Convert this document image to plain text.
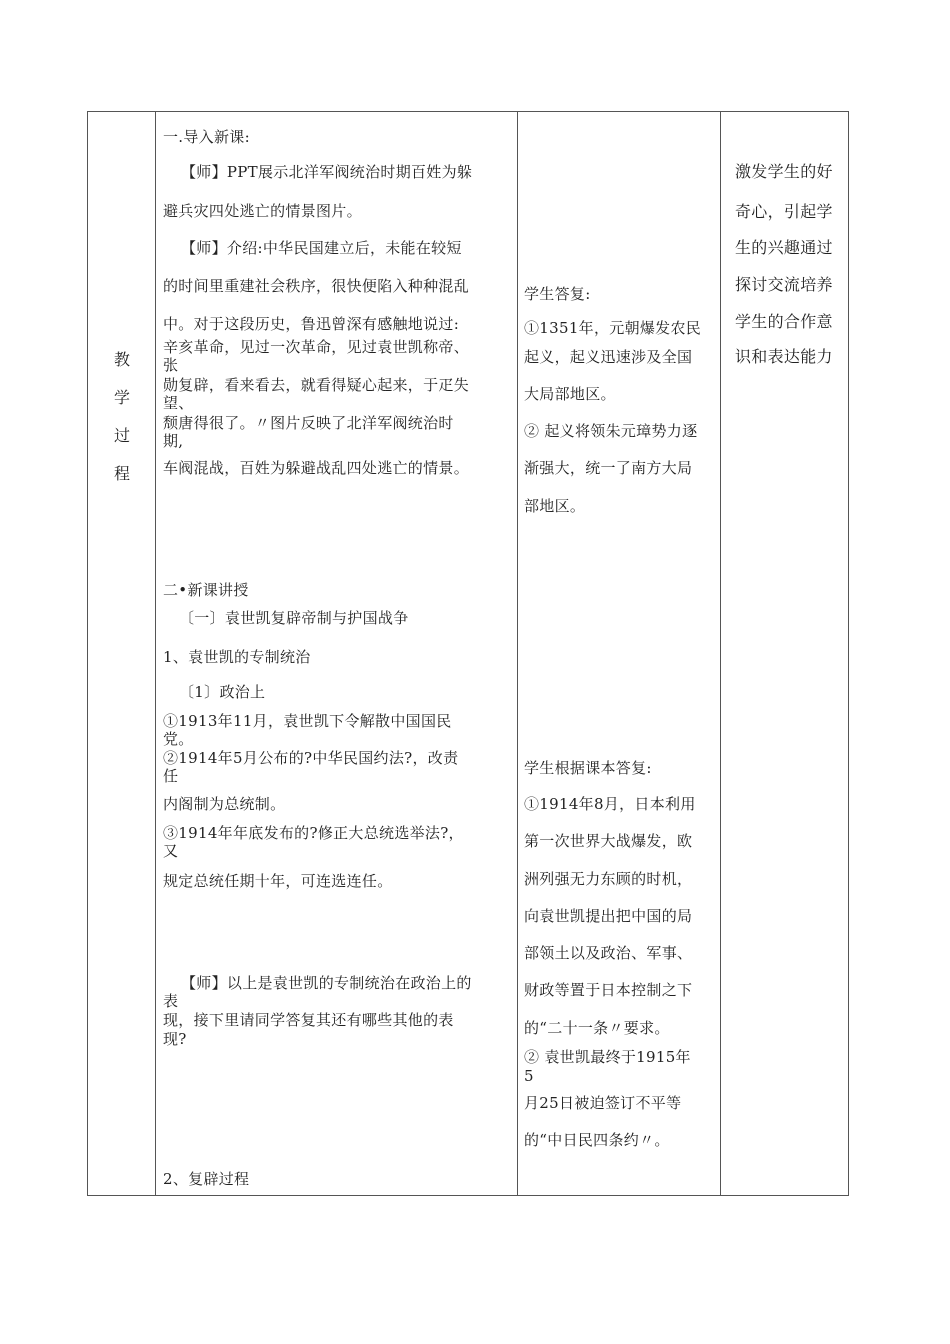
教
学
过
程
一.导入新课:
【师】PPT展示北洋军阀统治时期百姓为躲
避兵灾四处逃亡的情景图片。
【师】介绍:中华民国建立后，未能在较短
的时间里重建社会秩序，很快便陷入种种混乱
中。对于这段历史，鲁迅曾深有感触地说过:
辛亥革命，见过一次革命，见过袁世凯称帝、
张
勋复辟，看来看去，就看得疑心起来，于疋失
望、
颓唐得很了。〃图片反映了北洋军阀统治时
期,
车阀混战，百姓为躲避战乱四处逃亡的情景。
二•新课讲授
〔一〕袁世凯复辟帝制与护国战争
1、袁世凯的专制统治
〔1〕政治上
①1913年11月，袁世凯下令解散中国国民
党。
②1914年5月公布的?中华民国约法?，改责
任
内阁制为总统制。
③1914年年底发布的?修正大总统选举法?，
又
规定总统任期十年，可连选连任。
【师】以上是袁世凯的专制统治在政治上的
表
现，接下里请同学答复其还有哪些其他的表
现?
2、复辟过程
学生答复:
①1351年，元朝爆发农民
起义，起义迅速涉及全国
大局部地区。
② 起义将领朱元璋势力逐
渐强大，统一了南方大局
部地区。
学生根据课本答复:
①1914年8月，日本利用
第一次世界大战爆发，欧
洲列强无力东顾的时机，
向袁世凯提出把中国的局
部领土以及政治、军事、
财政等置于日本控制之下
的“二十一条〃要求。
② 袁世凯最终于1915年
5
月25日被迫签订不平等
的“中日民四条约〃。
激发学生的好
奇心，引起学
生的兴趣通过
探讨交流培养
学生的合作意
识和表达能力
